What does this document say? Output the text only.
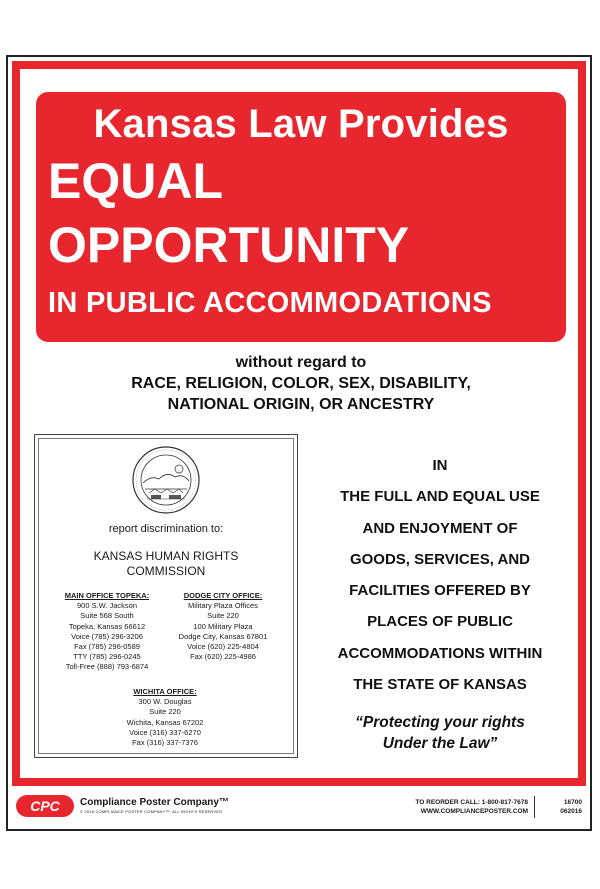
Kansas Law Provides
EQUAL
OPPORTUNITY
IN PUBLIC ACCOMMODATIONS
without regard to
RACE, RELIGION, COLOR, SEX, DISABILITY,
NATIONAL ORIGIN, OR ANCESTRY
report discrimination to:
KANSAS HUMAN RIGHTS
COMMISSION
MAIN OFFICE TOPEKA:
900 S.W. Jackson
Suite 568 South
Topeka, Kansas 66612
Voice (785) 296-3206
Fax (785) 296-0589
TTY (785) 296-0245
Toll-Free (888) 793-6874
DODGE CITY OFFICE:
Military Plaza Offices
Suite 220
100 Military Plaza
Dodge City, Kansas 67801
Voice (620) 225-4804
Fax (620) 225-4986
WICHITA OFFICE:
300 W. Douglas
Suite 220
Wichita, Kansas 67202
Voice (316) 337-6270
Fax (316) 337-7376
IN
THE FULL AND EQUAL USE
AND ENJOYMENT OF
GOODS, SERVICES, AND
FACILITIES OFFERED BY
PLACES OF PUBLIC
ACCOMMODATIONS WITHIN
THE STATE OF KANSAS
“Protecting your rights
Under the Law”
CPC Compliance Poster Company™
© 2016 COMPLIANCE POSTER COMPANY™. ALL RIGHTS RESERVED
TO REORDER CALL: 1-800-817-7678
WWW.COMPLIANCEPOSTER.COM
16700
062016
